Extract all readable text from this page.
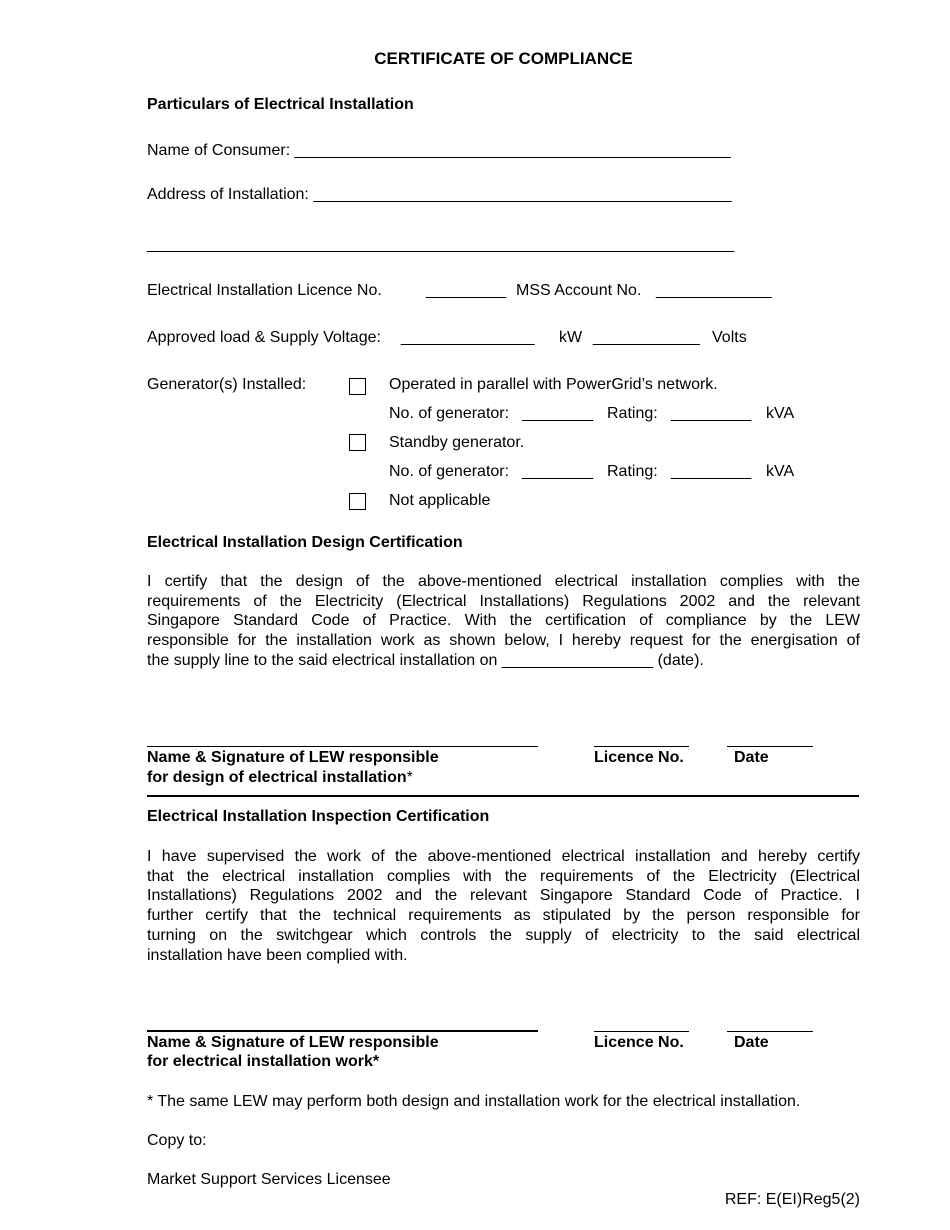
CERTIFICATE OF COMPLIANCE
Particulars of Electrical Installation
Name of Consumer: _________________________________________________
Address of Installation: _______________________________________________
__________________________________________________________________
Electrical Installation Licence No.	_________ MSS Account No. _____________
Approved load & Supply Voltage: _______________ kW ____________ Volts
Generator(s) Installed:	Operated in parallel with PowerGrid’s network.
No. of generator: ________ Rating: _________ kVA
Standby generator.
No. of generator: ________ Rating: _________ kVA
Not applicable
Electrical Installation Design Certification
I certify that the design of the above-mentioned electrical installation complies with the
requirements of the Electricity (Electrical Installations) Regulations 2002 and the relevant
Singapore Standard Code of Practice. With the certification of compliance by the LEW
responsible for the installation work as shown below, I hereby request for the energisation of
the supply line to the said electrical installation on _________________ (date).
Name & Signature of LEW responsible
for design of electrical installation*
Licence No.	Date
Electrical Installation Inspection Certification
I have supervised the work of the above-mentioned electrical installation and hereby certify
that the electrical installation complies with the requirements of the Electricity (Electrical
Installations) Regulations 2002 and the relevant Singapore Standard Code of Practice. I
further certify that the technical requirements as stipulated by the person responsible for
turning on the switchgear which controls the supply of electricity to the said electrical
installation have been complied with.
Name & Signature of LEW responsible
for electrical installation work*
Licence No.	Date
* The same LEW may perform both design and installation work for the electrical installation.
Copy to:
Market Support Services Licensee
REF: E(EI)Reg5(2)
